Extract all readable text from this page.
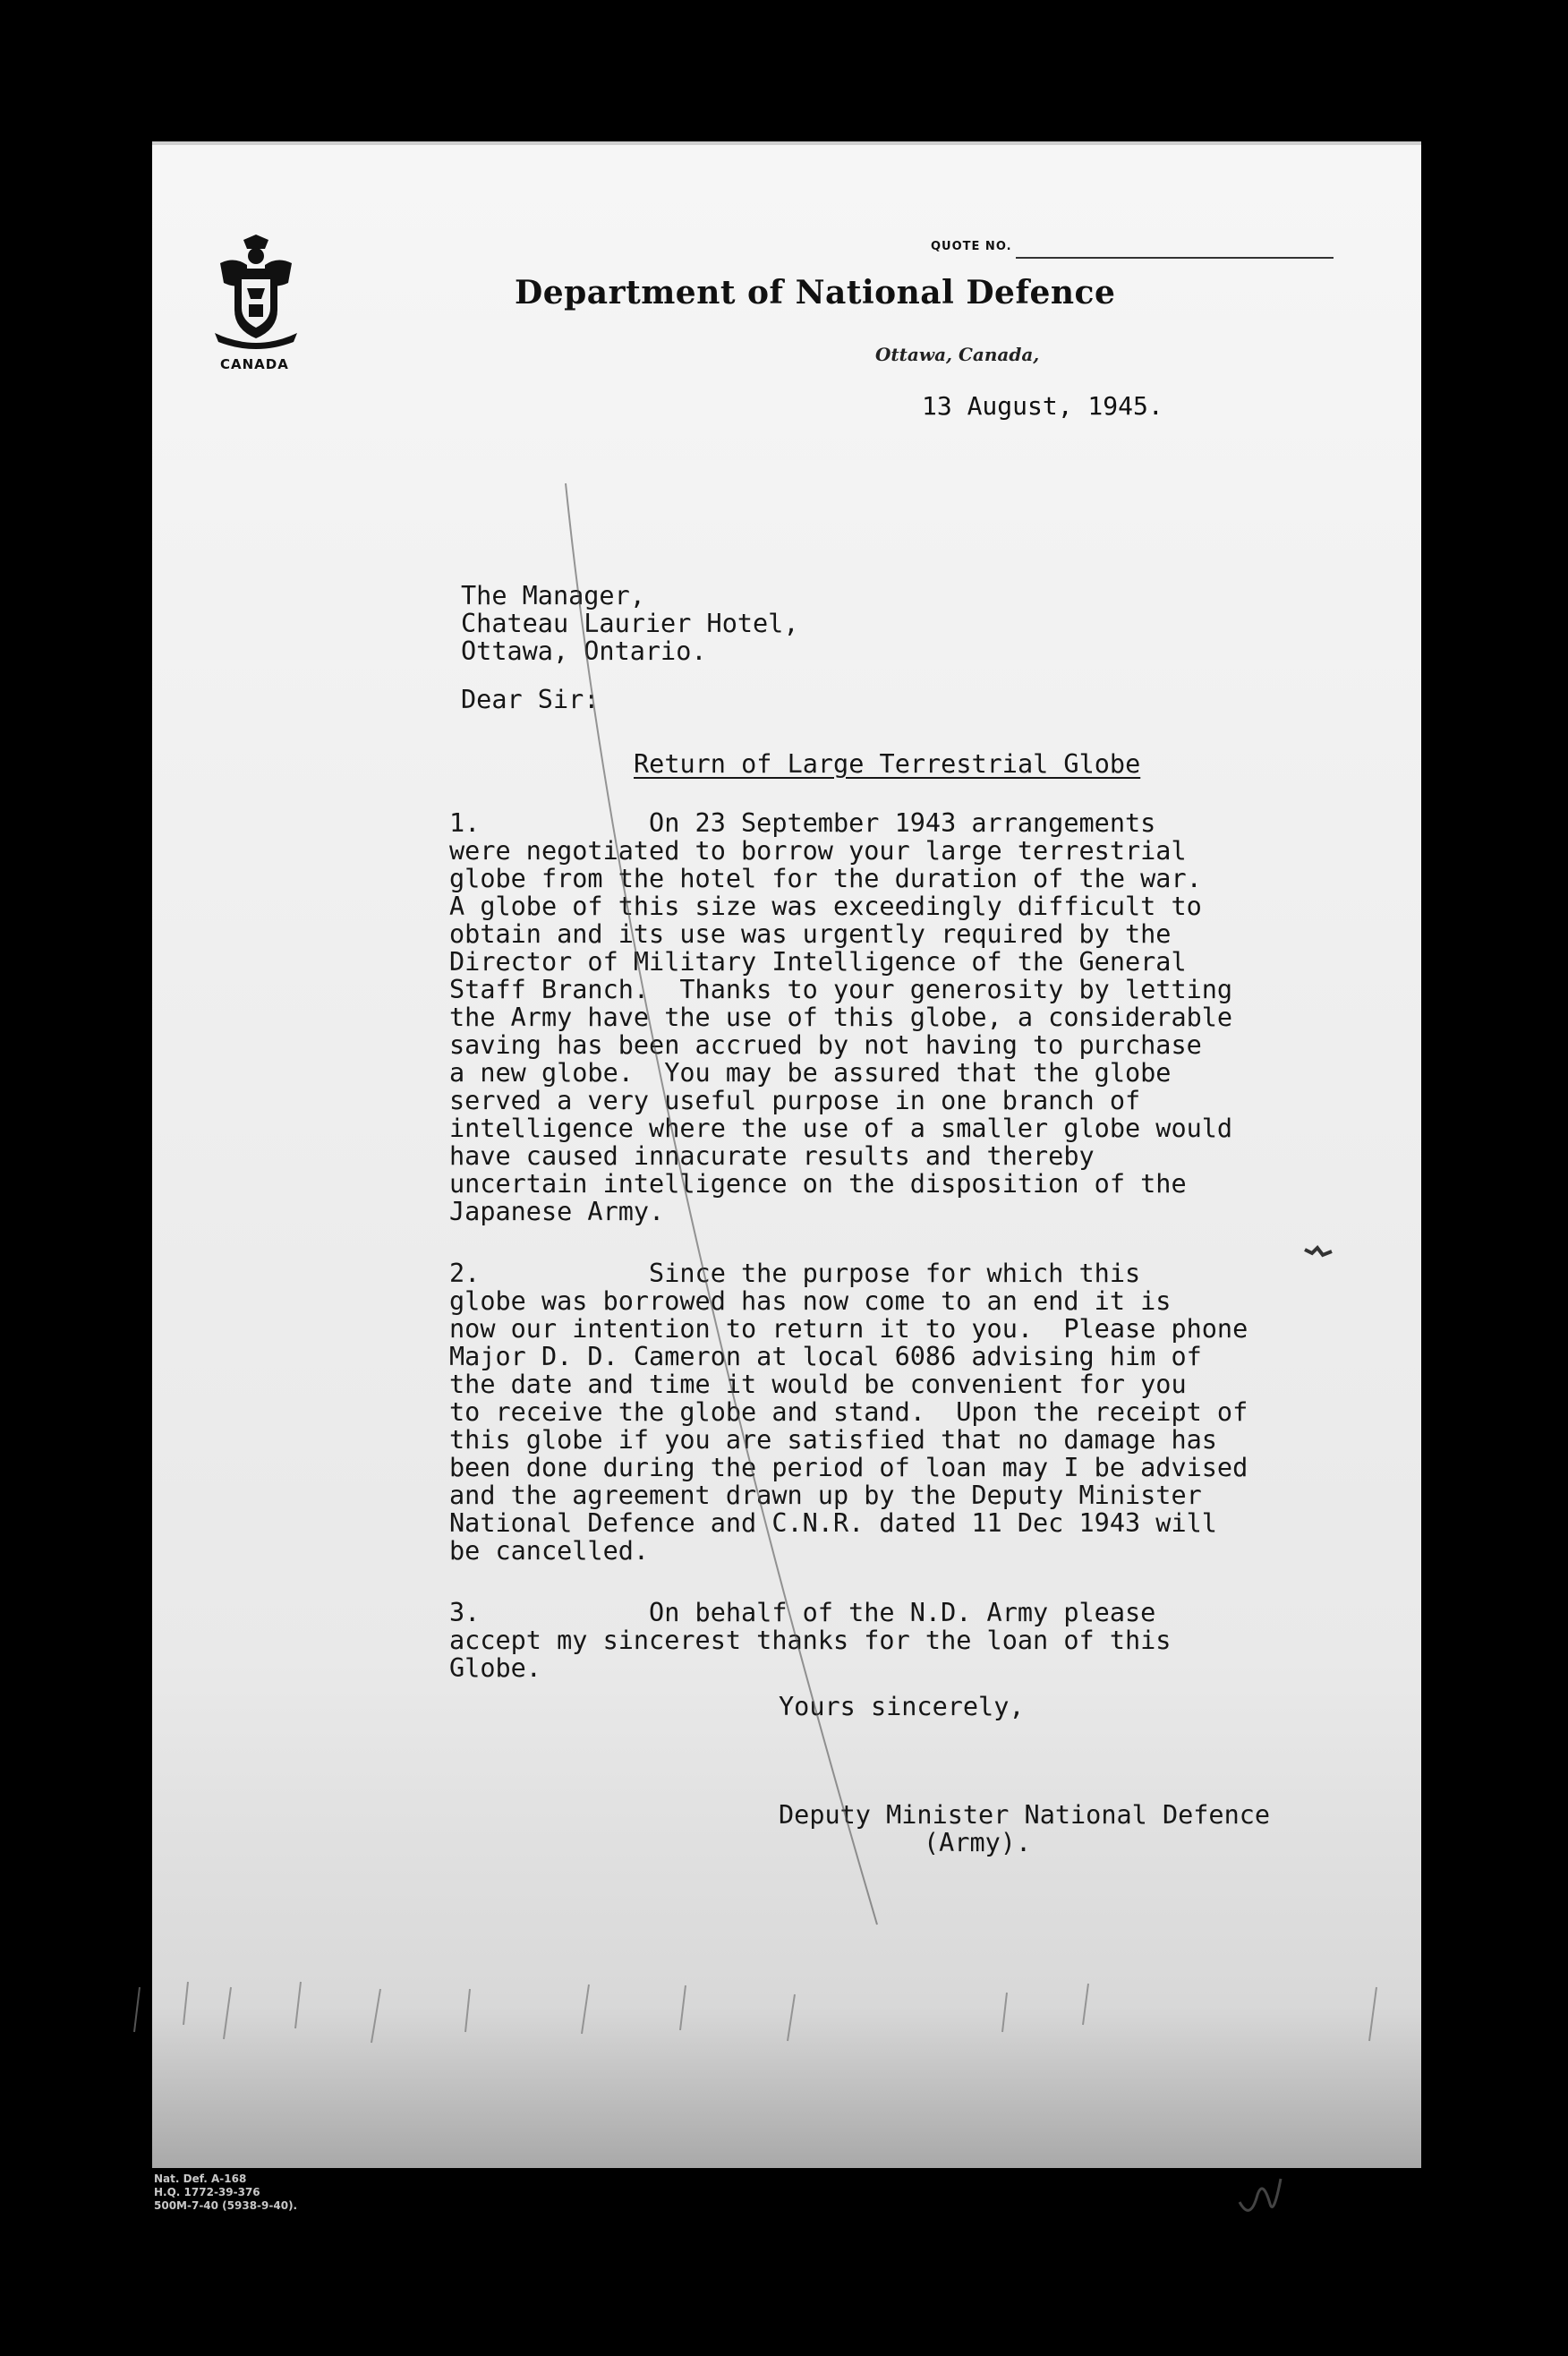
CANADA
QUOTE NO.
Department of National Defence
Ottawa, Canada,
13 August, 1945.
The Manager,
Chateau Laurier Hotel,
Ottawa, Ontario.
Dear Sir:
Return of Large Terrestrial Globe
1.           On 23 September 1943 arrangements
were negotiated to borrow your large terrestrial
globe from the hotel for the duration of the war.
A globe of this size was exceedingly difficult to
obtain and its use was urgently required by the
Director of Military Intelligence of the General
Staff Branch.  Thanks to your generosity by letting
the Army have the use of this globe, a considerable
saving has been accrued by not having to purchase
a new globe.  You may be assured that the globe
served a very useful purpose in one branch of
intelligence where the use of a smaller globe would
have caused innacurate results and thereby
uncertain intelligence on the disposition of the
Japanese Army.
2.           Since the purpose for which this
globe was borrowed has now come to an end it is
now our intention to return it to you.  Please phone
Major D. D. Cameron at local 6086 advising him of
the date and time it would be convenient for you
to receive the globe and stand.  Upon the receipt of
this globe if you are satisfied that no damage has
been done during the period of loan may I be advised
and the agreement drawn up by the Deputy Minister
National Defence and C.N.R. dated 11 Dec 1943 will
be cancelled.
3.           On behalf of the N.D. Army please
accept my sincerest thanks for the loan of this
Globe.
Yours sincerely,
Deputy Minister National Defence
(Army).
Nat. Def. A-168
H.Q. 1772-39-376
500M-7-40 (5938-9-40).
